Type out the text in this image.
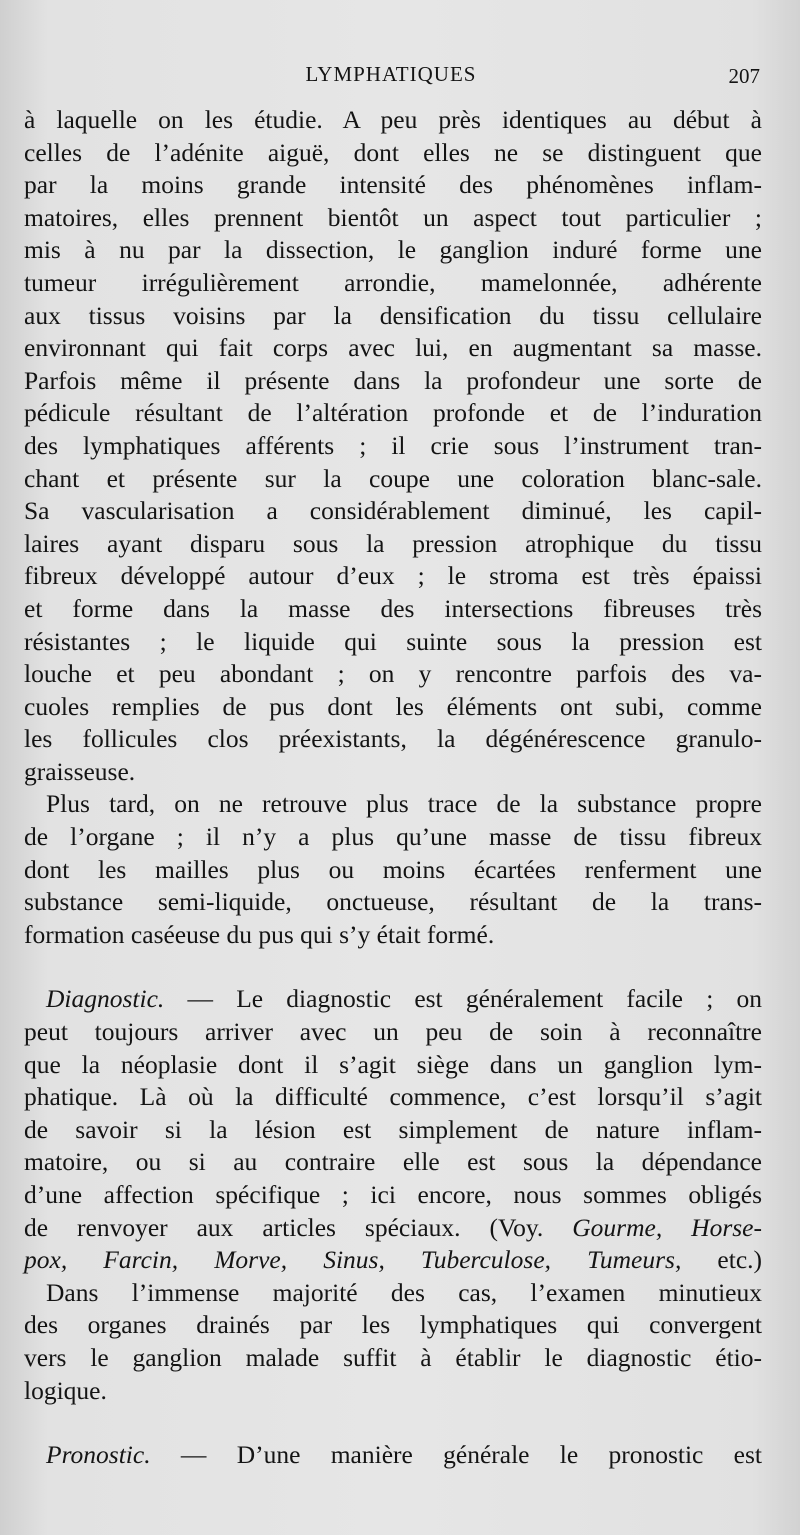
LYMPHATIQUES	207
à laquelle on les étudie. A peu près identiques au début à
celles de l’adénite aiguë, dont elles ne se distinguent que
par la moins grande intensité des phénomènes inflam-
matoires, elles prennent bientôt un aspect tout particulier ;
mis à nu par la dissection, le ganglion induré forme une
tumeur irrégulièrement arrondie, mamelonnée, adhérente
aux tissus voisins par la densification du tissu cellulaire
environnant qui fait corps avec lui, en augmentant sa masse.
Parfois même il présente dans la profondeur une sorte de
pédicule résultant de l’altération profonde et de l’induration
des lymphatiques afférents ; il crie sous l’instrument tran-
chant et présente sur la coupe une coloration blanc-sale.
Sa vascularisation a considérablement diminué, les capil-
laires ayant disparu sous la pression atrophique du tissu
fibreux développé autour d’eux ; le stroma est très épaissi
et forme dans la masse des intersections fibreuses très
résistantes ; le liquide qui suinte sous la pression est
louche et peu abondant ; on y rencontre parfois des va-
cuoles remplies de pus dont les éléments ont subi, comme
les follicules clos préexistants, la dégénérescence granulo-
graisseuse.
Plus tard, on ne retrouve plus trace de la substance propre
de l’organe ; il n’y a plus qu’une masse de tissu fibreux
dont les mailles plus ou moins écartées renferment une
substance semi-liquide, onctueuse, résultant de la trans-
formation caséeuse du pus qui s’y était formé.
Diagnostic. — Le diagnostic est généralement facile ; on
peut toujours arriver avec un peu de soin à reconnaître
que la néoplasie dont il s’agit siège dans un ganglion lym-
phatique. Là où la difficulté commence, c’est lorsqu’il s’agit
de savoir si la lésion est simplement de nature inflam-
matoire, ou si au contraire elle est sous la dépendance
d’une affection spécifique ; ici encore, nous sommes obligés
de renvoyer aux articles spéciaux. (Voy. Gourme, Horse-
pox, Farcin, Morve, Sinus, Tuberculose, Tumeurs, etc.)
Dans l’immense majorité des cas, l’examen minutieux
des organes drainés par les lymphatiques qui convergent
vers le ganglion malade suffit à établir le diagnostic étio-
logique.
Pronostic. — D’une manière générale le pronostic est
